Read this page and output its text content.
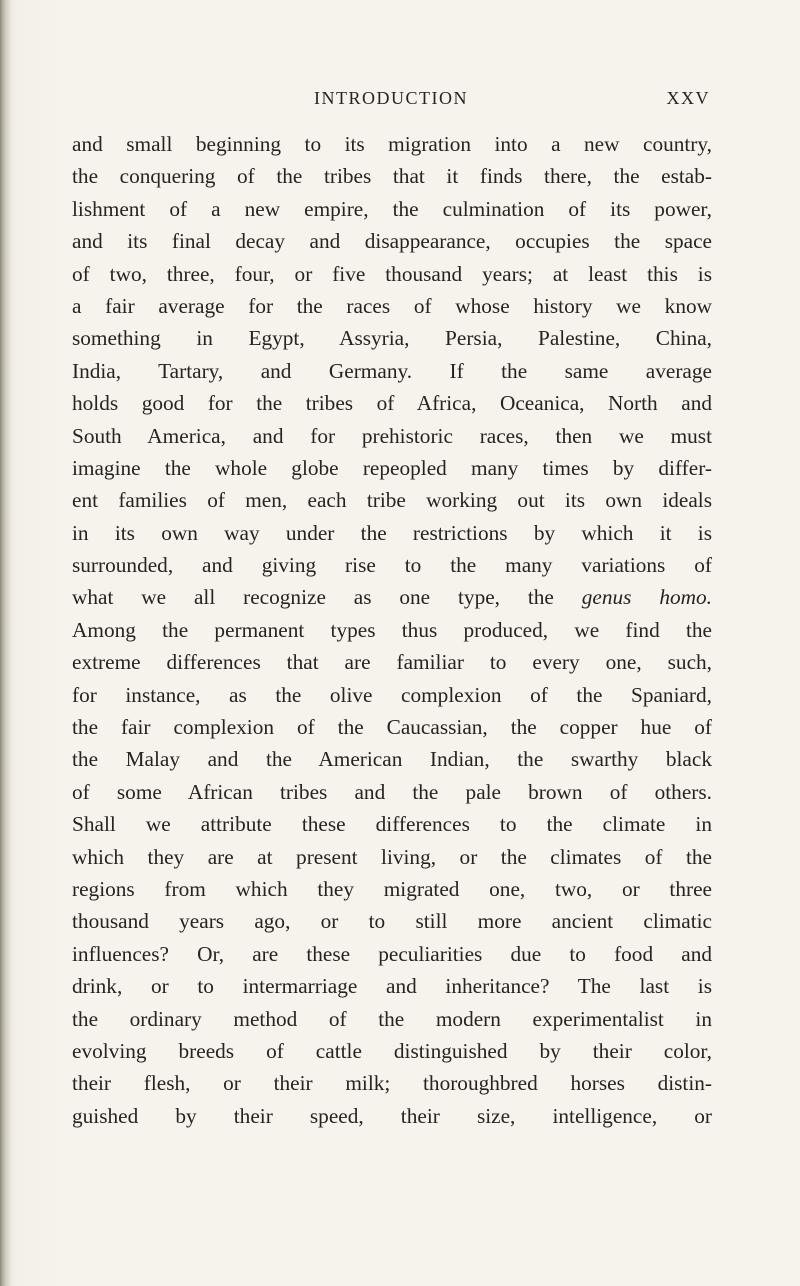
INTRODUCTION	XXV
and small beginning to its migration into a new country,
the conquering of the tribes that it finds there, the estab-
lishment of a new empire, the culmination of its power,
and its final decay and disappearance, occupies the space
of two, three, four, or five thousand years; at least this is
a fair average for the races of whose history we know
something in Egypt, Assyria, Persia, Palestine, China,
India, Tartary, and Germany. If the same average
holds good for the tribes of Africa, Oceanica, North and
South America, and for prehistoric races, then we must
imagine the whole globe repeopled many times by differ-
ent families of men, each tribe working out its own ideals
in its own way under the restrictions by which it is
surrounded, and giving rise to the many variations of
what we all recognize as one type, the genus homo.
Among the permanent types thus produced, we find the
extreme differences that are familiar to every one, such,
for instance, as the olive complexion of the Spaniard,
the fair complexion of the Caucassian, the copper hue of
the Malay and the American Indian, the swarthy black
of some African tribes and the pale brown of others.
Shall we attribute these differences to the climate in
which they are at present living, or the climates of the
regions from which they migrated one, two, or three
thousand years ago, or to still more ancient climatic
influences? Or, are these peculiarities due to food and
drink, or to intermarriage and inheritance? The last is
the ordinary method of the modern experimentalist in
evolving breeds of cattle distinguished by their color,
their flesh, or their milk; thoroughbred horses distin-
guished by their speed, their size, intelligence, or
